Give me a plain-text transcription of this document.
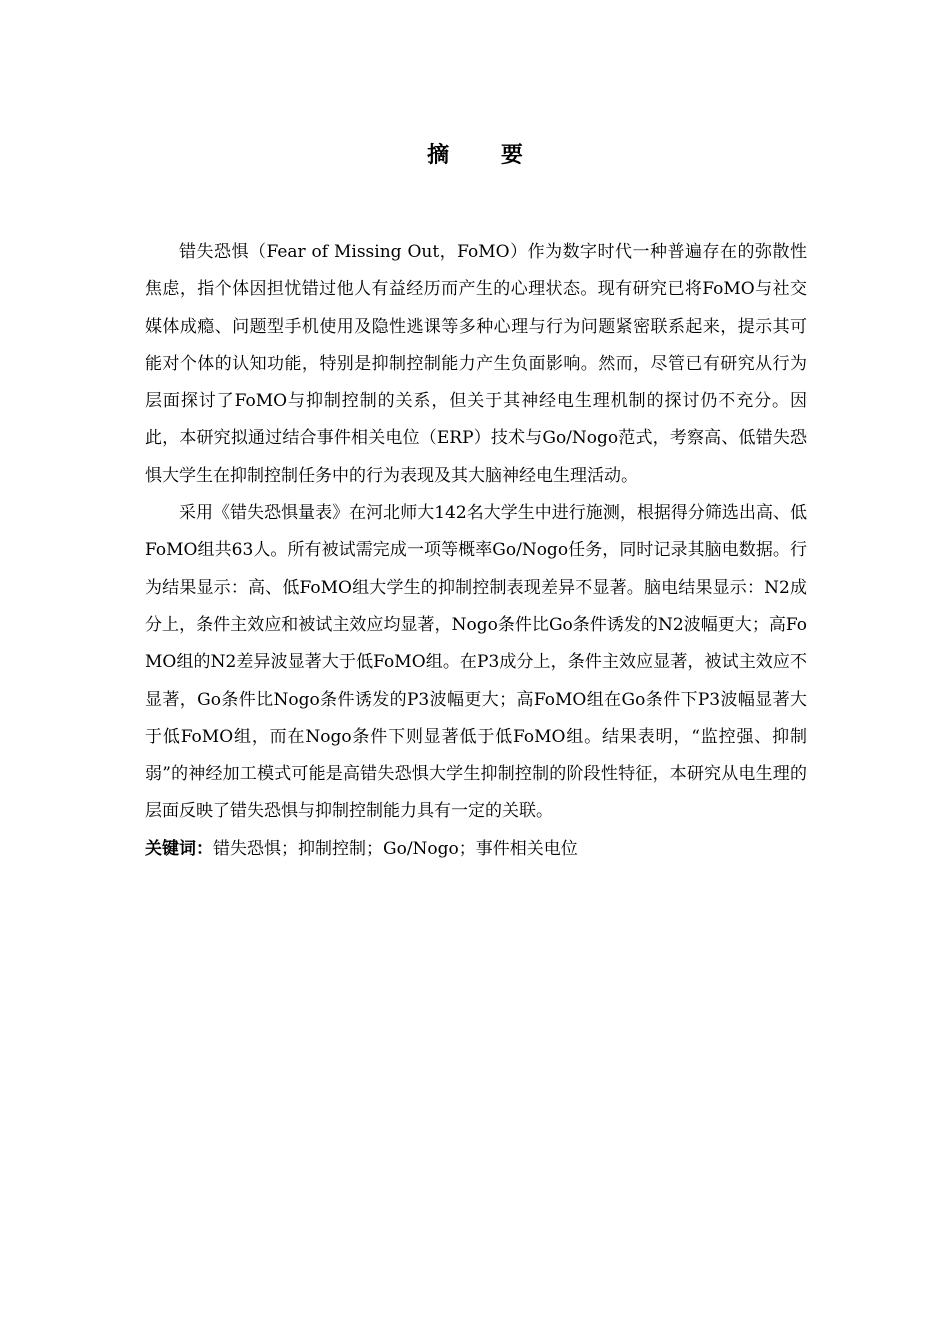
摘 要

错失恐惧（Fear of Missing Out，FoMO）作为数字时代一种普遍存在的弥散性焦虑，指个体因担忧错过他人有益经历而产生的心理状态。现有研究已将FoMO与社交媒体成瘾、问题型手机使用及隐性逃课等多种心理与行为问题紧密联系起来，提示其可能对个体的认知功能，特别是抑制控制能力产生负面影响。然而，尽管已有研究从行为层面探讨了FoMO与抑制控制的关系，但关于其神经电生理机制的探讨仍不充分。因此，本研究拟通过结合事件相关电位（ERP）技术与Go/Nogo范式，考察高、低错失恐惧大学生在抑制控制任务中的行为表现及其大脑神经电生理活动。

采用《错失恐惧量表》在河北师大142名大学生中进行施测，根据得分筛选出高、低FoMO组共63人。所有被试需完成一项等概率Go/Nogo任务，同时记录其脑电数据。行为结果显示：高、低FoMO组大学生的抑制控制表现差异不显著。脑电结果显示：N2成分上，条件主效应和被试主效应均显著，Nogo条件比Go条件诱发的N2波幅更大；高FoMO组的N2差异波显著大于低FoMO组。在P3成分上，条件主效应显著，被试主效应不显著，Go条件比Nogo条件诱发的P3波幅更大；高FoMO组在Go条件下P3波幅显著大于低FoMO组，而在Nogo条件下则显著低于低FoMO组。结果表明，“监控强、抑制弱”的神经加工模式可能是高错失恐惧大学生抑制控制的阶段性特征，本研究从电生理的层面反映了错失恐惧与抑制控制能力具有一定的关联。

关键词：错失恐惧；抑制控制；Go/Nogo；事件相关电位
